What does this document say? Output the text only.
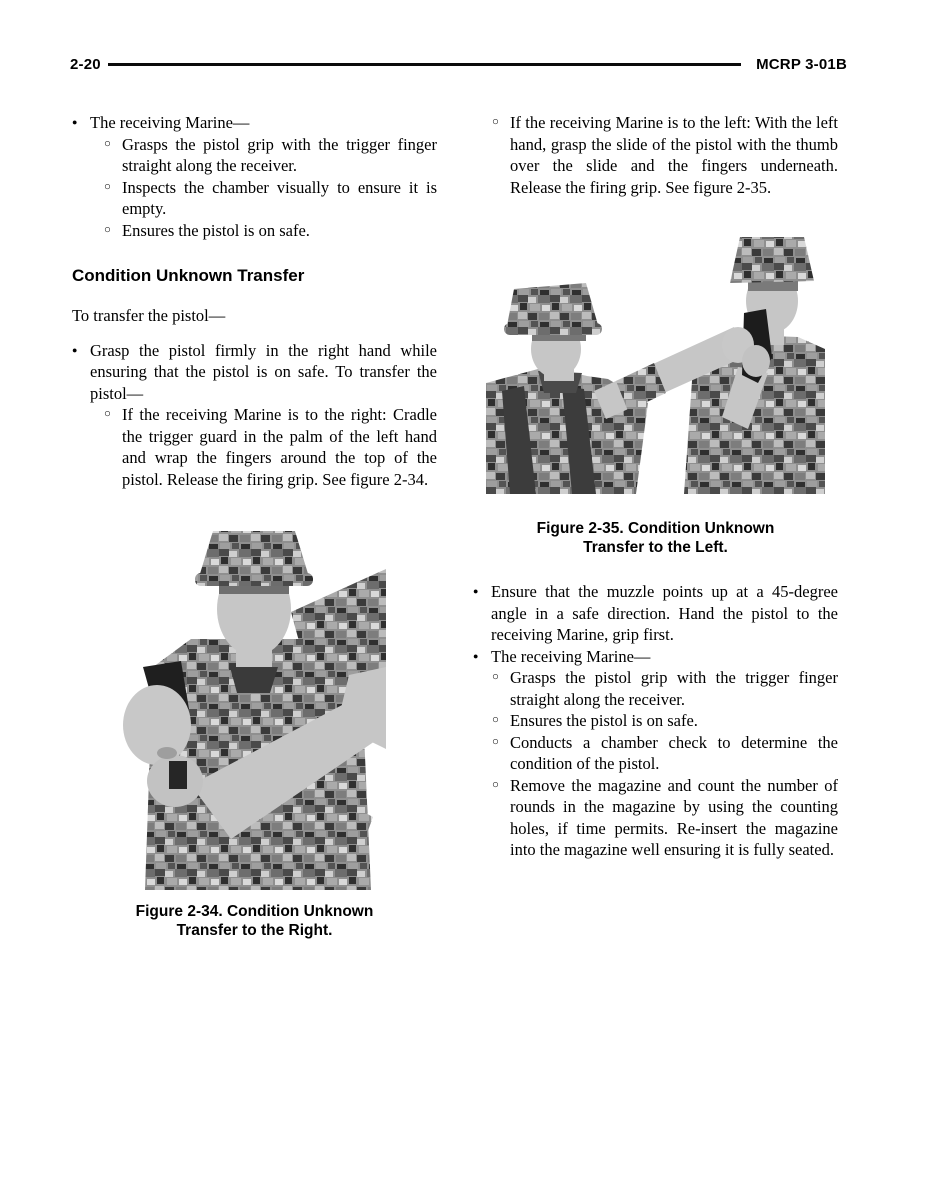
2-20	MCRP 3-01B
● The receiving Marine—
○ Grasps the pistol grip with the trigger finger straight along the receiver.
○ Inspects the chamber visually to ensure it is empty.
○ Ensures the pistol is on safe.
Condition Unknown Transfer
To transfer the pistol—
● Grasp the pistol firmly in the right hand while ensuring that the pistol is on safe. To transfer the pistol—
○ If the receiving Marine is to the right: Cradle the trigger guard in the palm of the left hand and wrap the fingers around the top of the pistol. Release the firing grip. See figure 2-34.
Figure 2-34. Condition Unknown
Transfer to the Right.
○ If the receiving Marine is to the left: With the left hand, grasp the slide of the pistol with the thumb over the slide and the fingers underneath. Release the firing grip. See figure 2-35.
Figure 2-35. Condition Unknown
Transfer to the Left.
● Ensure that the muzzle points up at a 45-degree angle in a safe direction. Hand the pistol to the receiving Marine, grip first.
● The receiving Marine—
○ Grasps the pistol grip with the trigger finger straight along the receiver.
○ Ensures the pistol is on safe.
○ Conducts a chamber check to determine the condition of the pistol.
○ Remove the magazine and count the number of rounds in the magazine by using the counting holes, if time permits. Re-insert the magazine into the magazine well ensuring it is fully seated.
